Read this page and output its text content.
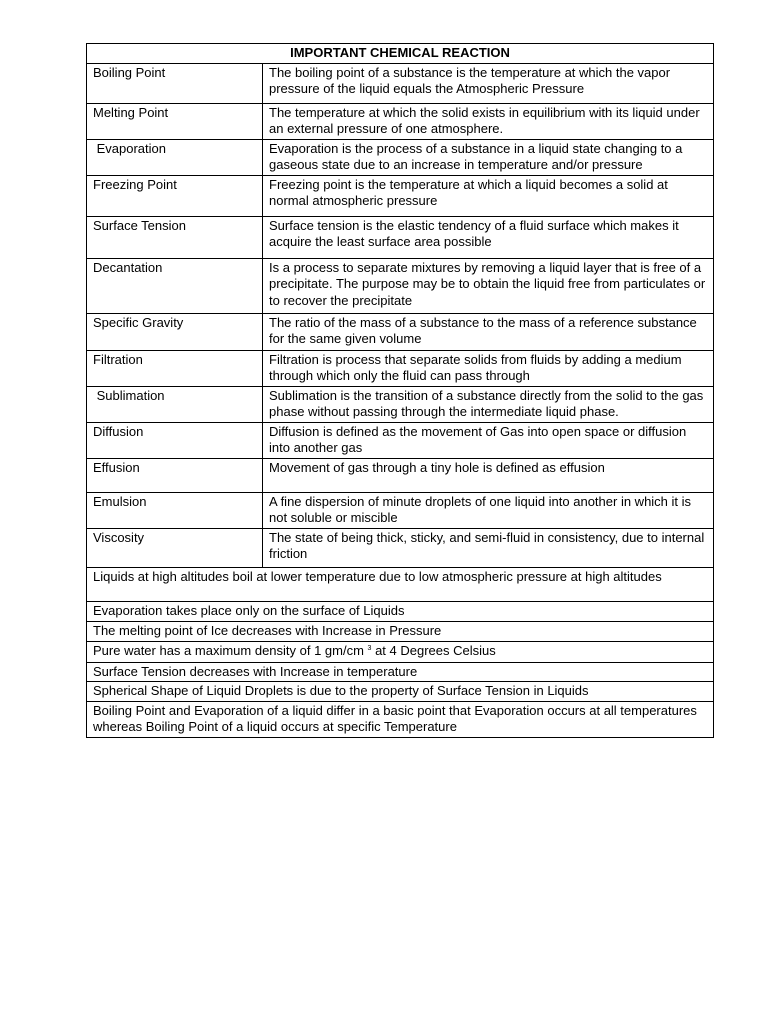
IMPORTANT CHEMICAL REACTION	
Boiling Point	The boiling point of a substance is the temperature at which the vapor pressure of the liquid equals the Atmospheric Pressure
Melting Point	The temperature at which the solid exists in equilibrium with its liquid under an external pressure of one atmosphere.
Evaporation	Evaporation is the process of a substance in a liquid state changing to a gaseous state due to an increase in temperature and/or pressure
Freezing Point	Freezing point is the temperature at which a liquid becomes a solid at normal atmospheric pressure
Surface Tension	Surface tension is the elastic tendency of a fluid surface which makes it acquire the least surface area possible
Decantation	Is a process to separate mixtures by removing a liquid layer that is free of a precipitate. The purpose may be to obtain the liquid free from particulates or to recover the precipitate
Specific Gravity	The ratio of the mass of a substance to the mass of a reference substance for the same given volume
Filtration	Filtration is process that separate solids from fluids by adding a medium through which only the fluid can pass through
Sublimation	Sublimation is the transition of a substance directly from the solid to the gas phase without passing through the intermediate liquid phase.
Diffusion	Diffusion is defined as the movement of Gas into open space or diffusion into another gas
Effusion	Movement of gas through a tiny hole is defined as effusion
Emulsion	A fine dispersion of minute droplets of one liquid into another in which it is not soluble or miscible
Viscosity	The state of being thick, sticky, and semi-fluid in consistency, due to internal friction
Liquids at high altitudes boil at lower temperature due to low atmospheric pressure at high altitudes	
Evaporation takes place only on the surface of Liquids	
The melting point of Ice decreases with Increase in Pressure	
Pure water has a maximum density of 1 gm/cm $^3$ at 4 Degrees Celsius	
Surface Tension decreases with Increase in temperature	
Spherical Shape of Liquid Droplets is due to the property of Surface Tension in Liquids	
Boiling Point and Evaporation of a liquid differ in a basic point that Evaporation occurs at all temperatures whereas Boiling Point of a liquid occurs at specific Temperature	
